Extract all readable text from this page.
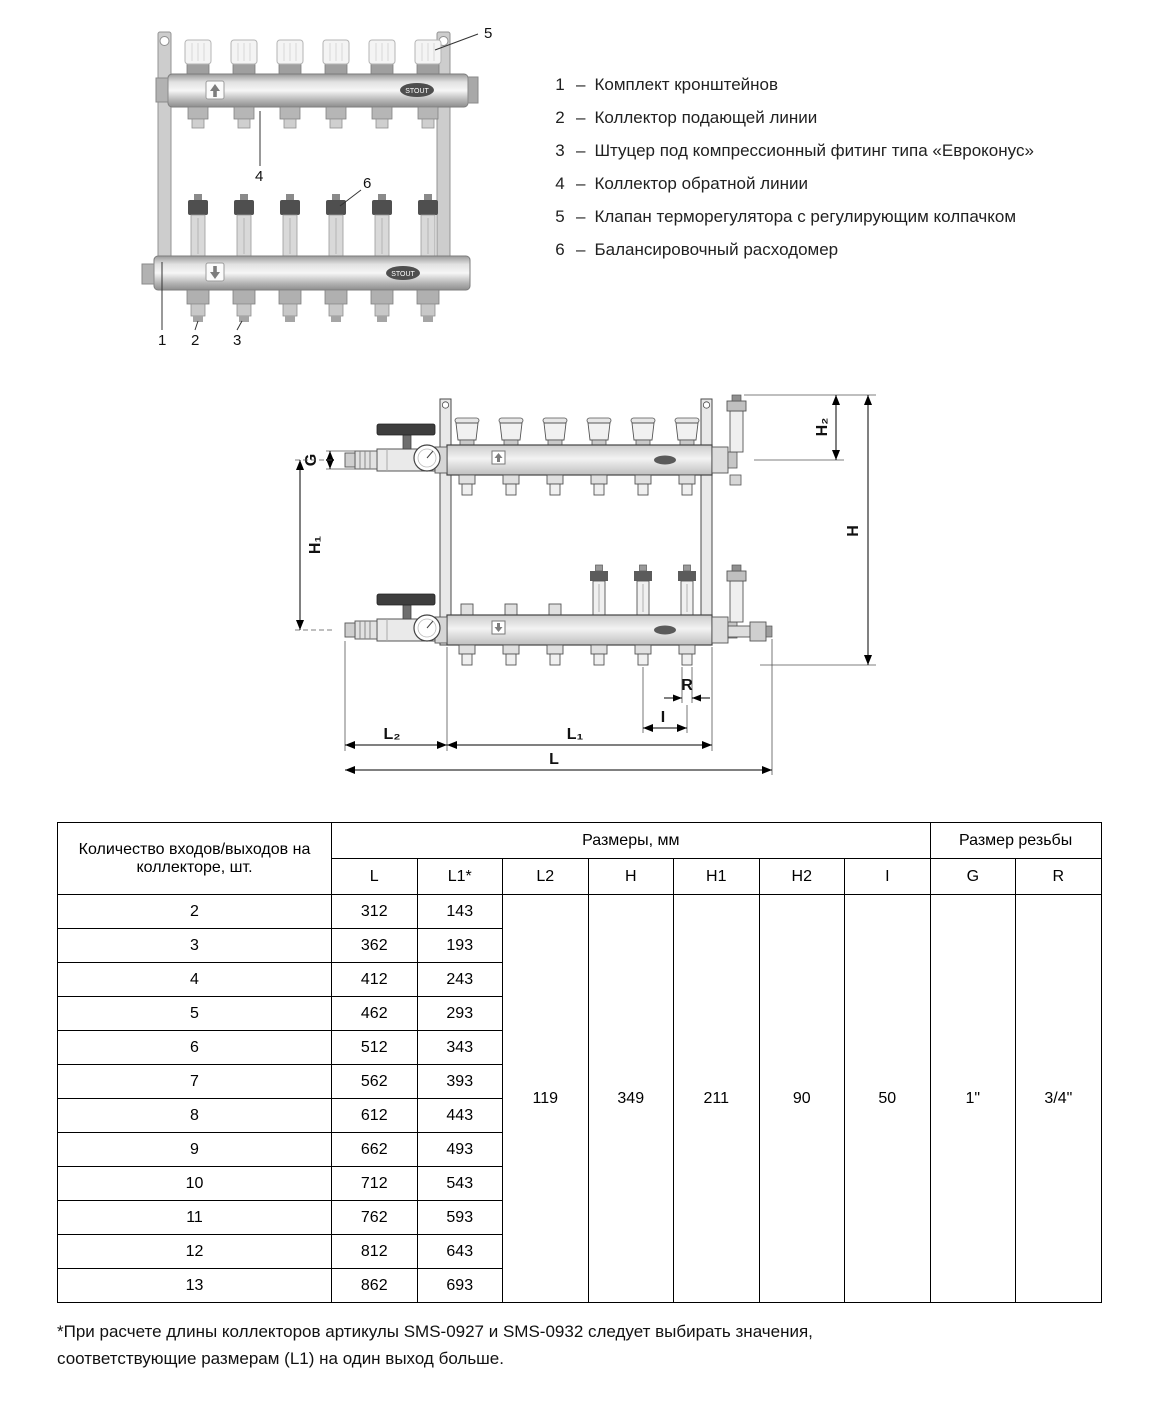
STOUT
STOUT
5
4	6
1 2 3
1 – Комплект кронштейнов
2 – Коллектор подающей линии
3 – Штуцер под компрессионный фитинг типа «Евроконус»
4 – Коллектор обратной линии
5 – Клапан терморегулятора с регулирующим колпачком
6 – Балансировочный расходомер
G
H₁
H₂
H
R
I
L₂	L₁
L
Количество входов/выходов на коллекторе, шт.	Размеры, мм							Размер резьбы	
	L	L1*	L2	H	H1	H2	I	G	R
2	312	143	119	349	211	90	50	1"	3/4"
3	362	193							
4	412	243							
5	462	293							
6	512	343							
7	562	393							
8	612	443							
9	662	493							
10	712	543							
11	762	593							
12	812	643							
13	862	693							
*При расчете длины коллекторов артикулы SMS-0927 и SMS-0932 следует выбирать значения,
соответствующие размерам (L1) на один выход больше.
